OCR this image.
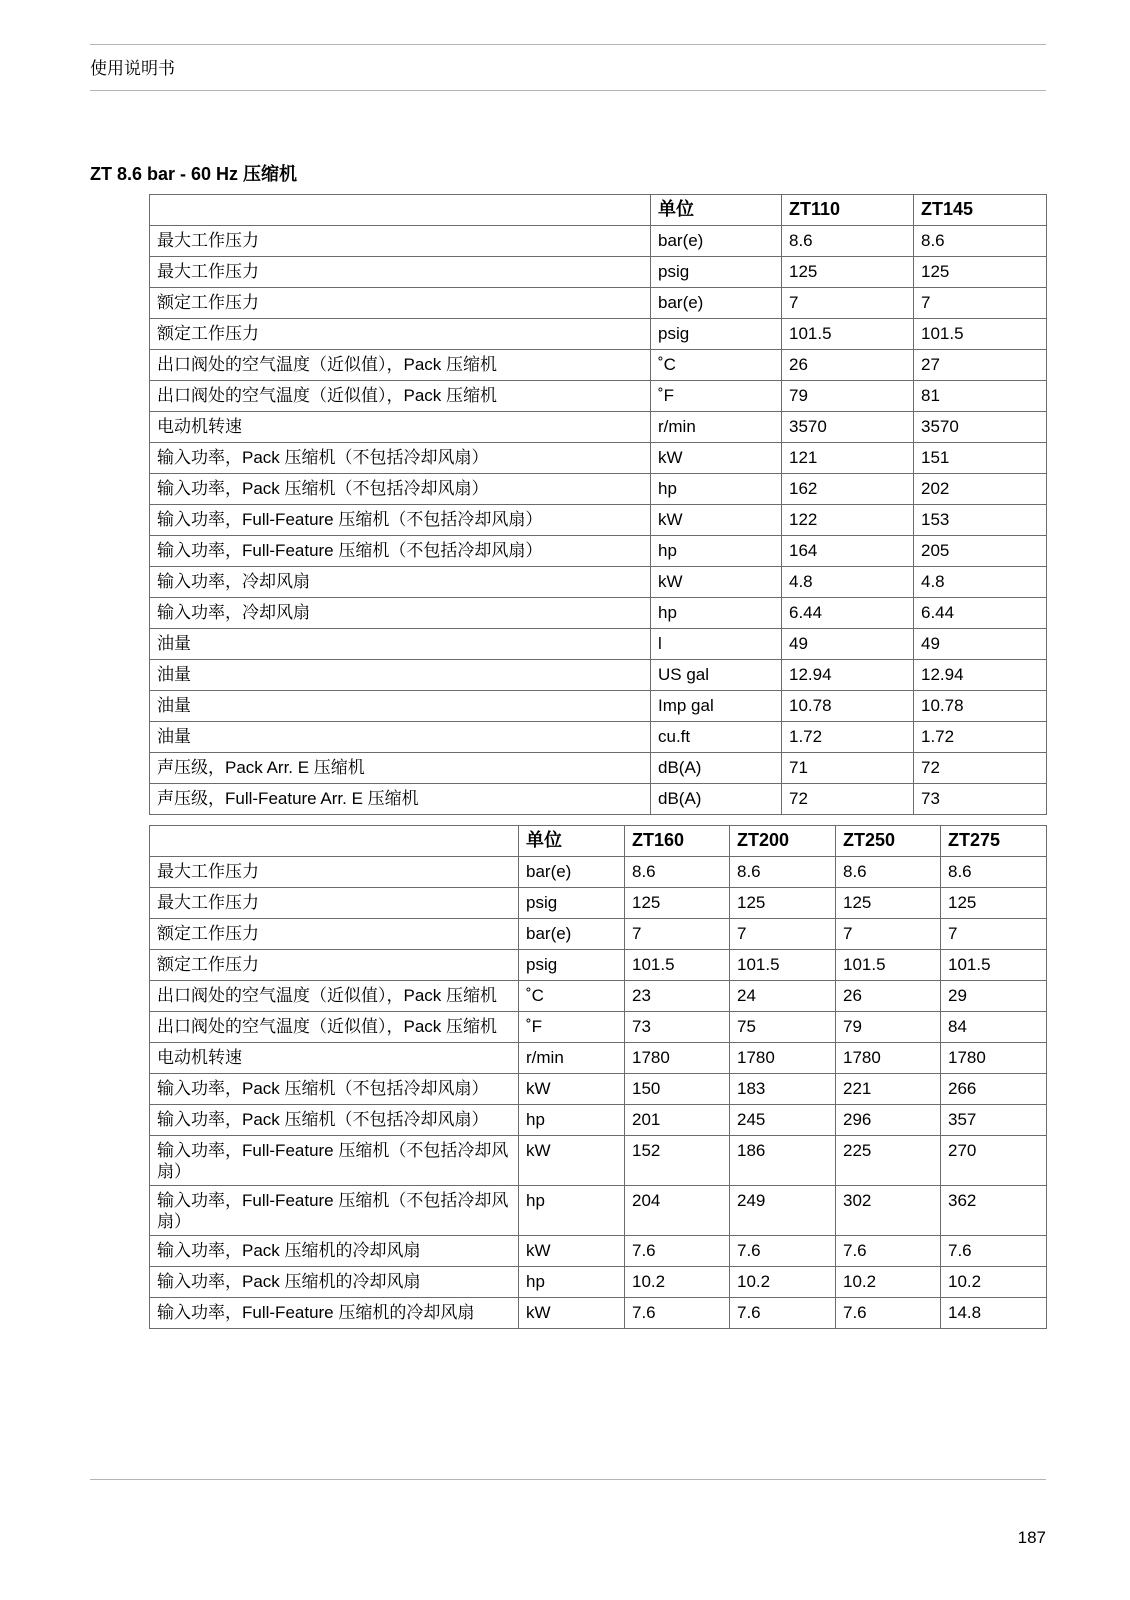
使用说明书
ZT 8.6 bar - 60 Hz 压缩机
	单位	ZT110	ZT145
最大工作压力	bar(e)	8.6	8.6
最大工作压力	psig	125	125
额定工作压力	bar(e)	7	7
额定工作压力	psig	101.5	101.5
出口阀处的空气温度（近似值），Pack 压缩机	˚C	26	27
出口阀处的空气温度（近似值），Pack 压缩机	˚F	79	81
电动机转速	r/min	3570	3570
输入功率，Pack 压缩机（不包括冷却风扇）	kW	121	151
输入功率，Pack 压缩机（不包括冷却风扇）	hp	162	202
输入功率，Full-Feature 压缩机（不包括冷却风扇）	kW	122	153
输入功率，Full-Feature 压缩机（不包括冷却风扇）	hp	164	205
输入功率，冷却风扇	kW	4.8	4.8
输入功率，冷却风扇	hp	6.44	6.44
油量	l	49	49
油量	US gal	12.94	12.94
油量	Imp gal	10.78	10.78
油量	cu.ft	1.72	1.72
声压级，Pack Arr. E 压缩机	dB(A)	71	72
声压级，Full-Feature Arr. E 压缩机	dB(A)	72	73
	单位	ZT160	ZT200	ZT250	ZT275
最大工作压力	bar(e)	8.6	8.6	8.6	8.6
最大工作压力	psig	125	125	125	125
额定工作压力	bar(e)	7	7	7	7
额定工作压力	psig	101.5	101.5	101.5	101.5
出口阀处的空气温度（近似值），Pack 压缩机	˚C	23	24	26	29
出口阀处的空气温度（近似值），Pack 压缩机	˚F	73	75	79	84
电动机转速	r/min	1780	1780	1780	1780
输入功率，Pack 压缩机（不包括冷却风扇）	kW	150	183	221	266
输入功率，Pack 压缩机（不包括冷却风扇）	hp	201	245	296	357
输入功率，Full-Feature 压缩机（不包括冷却风扇）	kW	152	186	225	270
输入功率，Full-Feature 压缩机（不包括冷却风扇）	hp	204	249	302	362
输入功率，Pack 压缩机的冷却风扇	kW	7.6	7.6	7.6	7.6
输入功率，Pack 压缩机的冷却风扇	hp	10.2	10.2	10.2	10.2
输入功率，Full-Feature 压缩机的冷却风扇	kW	7.6	7.6	7.6	14.8
187
